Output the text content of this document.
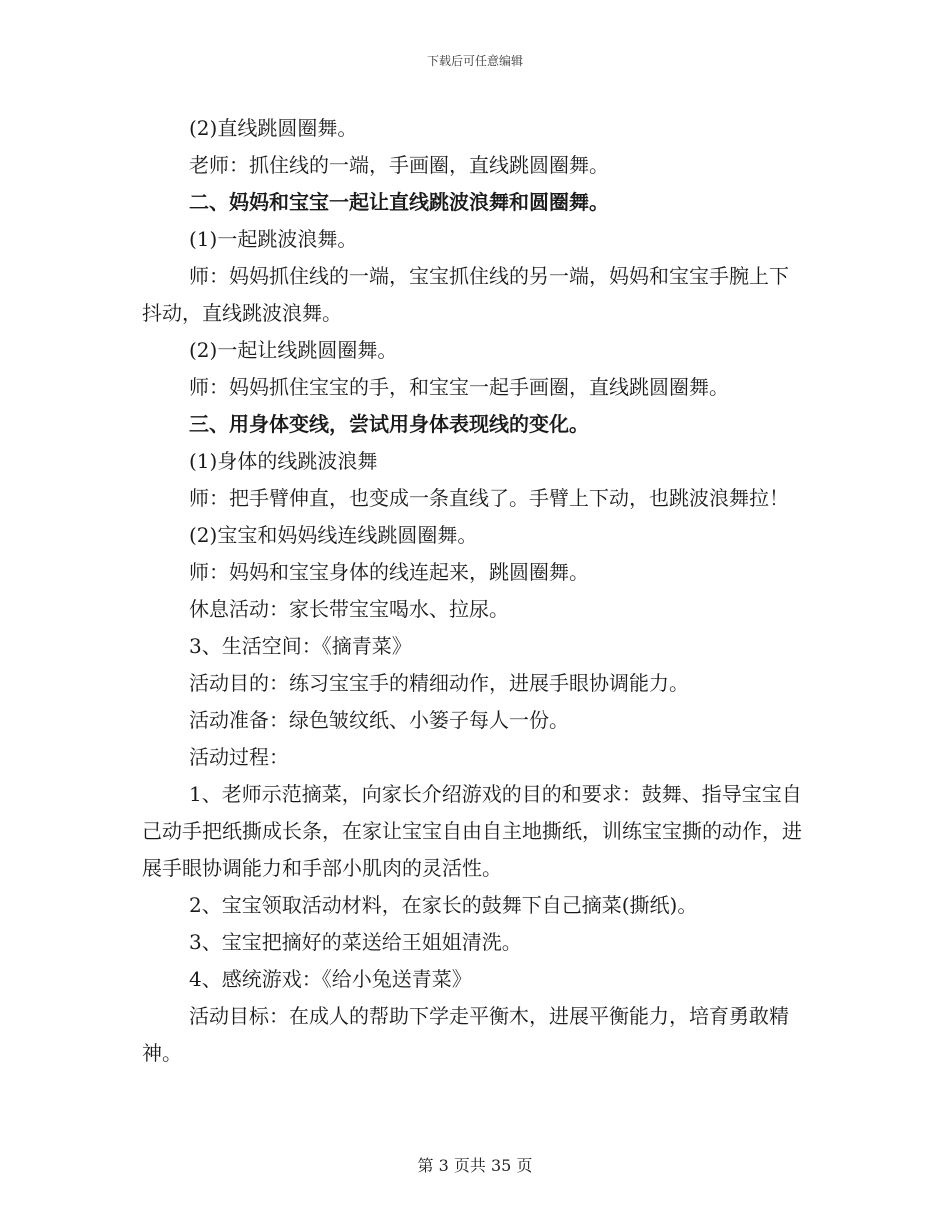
下载后可任意编辑

(2)直线跳圆圈舞。

老师：抓住线的一端，手画圈，直线跳圆圈舞。

二、妈妈和宝宝一起让直线跳波浪舞和圆圈舞。

(1)一起跳波浪舞。

师：妈妈抓住线的一端，宝宝抓住线的另一端，妈妈和宝宝手腕上下抖动，直线跳波浪舞。

(2)一起让线跳圆圈舞。

师：妈妈抓住宝宝的手，和宝宝一起手画圈，直线跳圆圈舞。

三、用身体变线，尝试用身体表现线的变化。

(1)身体的线跳波浪舞

师：把手臂伸直，也变成一条直线了。手臂上下动，也跳波浪舞拉！

(2)宝宝和妈妈线连线跳圆圈舞。

师：妈妈和宝宝身体的线连起来，跳圆圈舞。

休息活动：家长带宝宝喝水、拉尿。

3、生活空间：《摘青菜》

活动目的：练习宝宝手的精细动作，进展手眼协调能力。

活动准备：绿色皱纹纸、小篓子每人一份。

活动过程：

1、老师示范摘菜，向家长介绍游戏的目的和要求：鼓舞、指导宝宝自己动手把纸撕成长条，在家让宝宝自由自主地撕纸，训练宝宝撕的动作，进展手眼协调能力和手部小肌肉的灵活性。

2、宝宝领取活动材料，在家长的鼓舞下自己摘菜(撕纸)。

3、宝宝把摘好的菜送给王姐姐清洗。

4、感统游戏：《给小兔送青菜》

活动目标：在成人的帮助下学走平衡木，进展平衡能力，培育勇敢精神。

第 3 页共 35 页
